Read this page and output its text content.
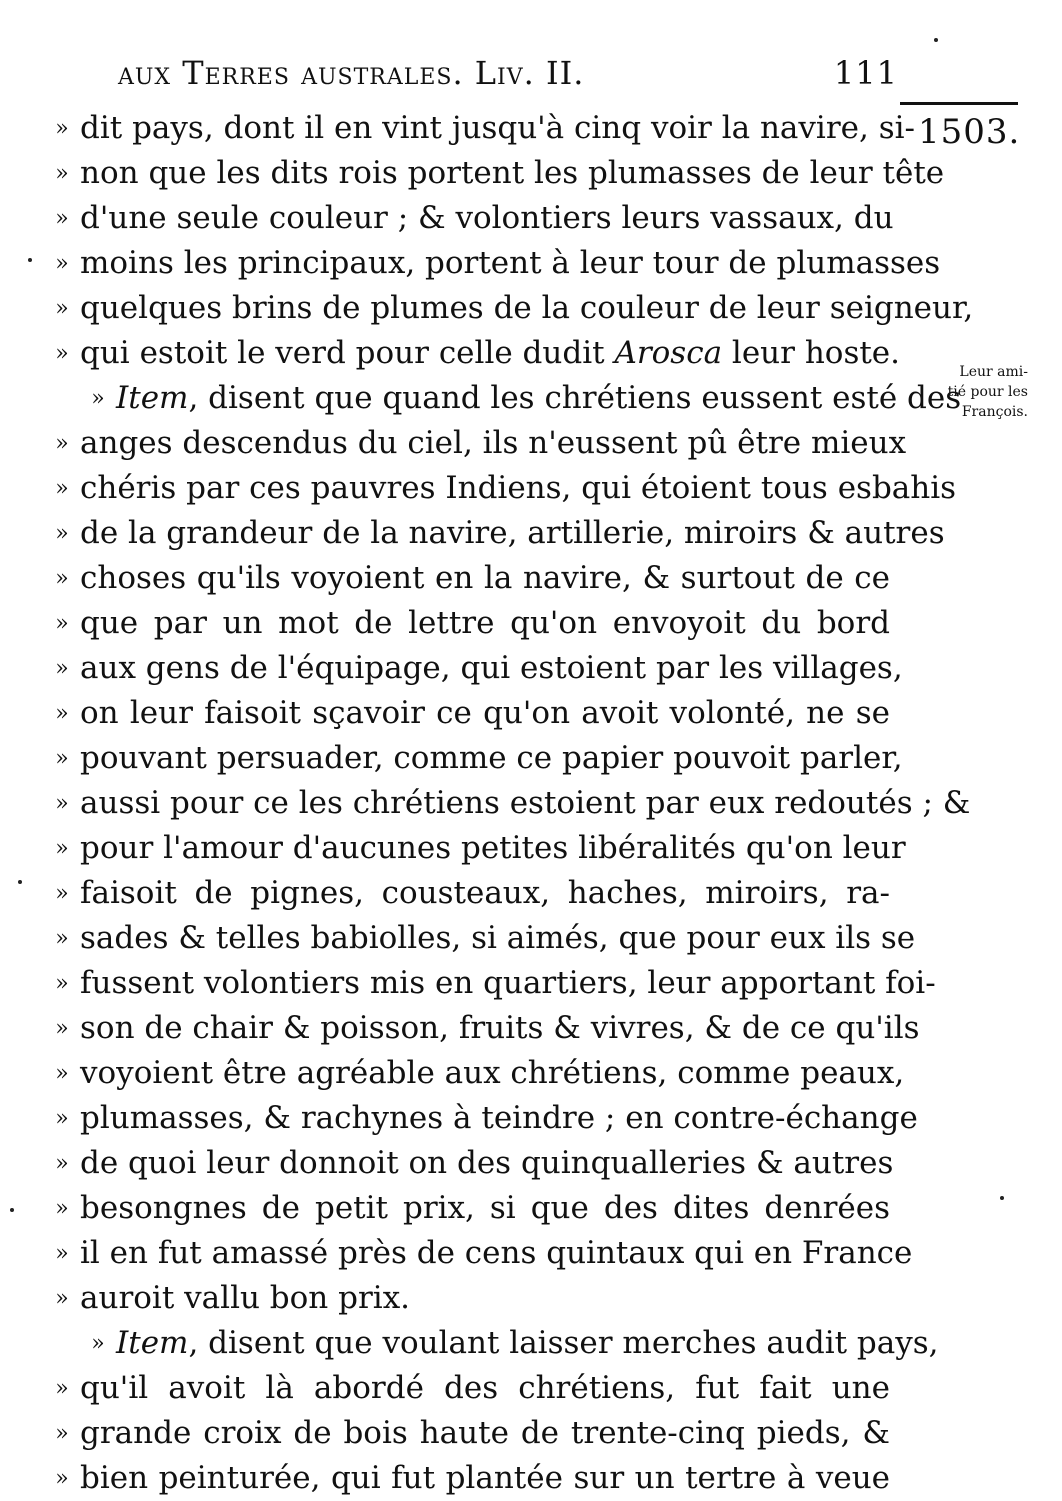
aux Terres australes. Liv. II.	111
1503.
Leur ami-
tié pour les
François.
» dit pays, dont il en vint jusqu'à cinq voir la navire, si-
» non que les dits rois portent les plumasses de leur tête
» d'une seule couleur ; & volontiers leurs vassaux, du
» moins les principaux, portent à leur tour de plumasses
» quelques brins de plumes de la couleur de leur seigneur,
» qui estoit le verd pour celle dudit Arosca leur hoste.
» Item, disent que quand les chrétiens eussent esté des
» anges descendus du ciel, ils n'eussent pû être mieux
» chéris par ces pauvres Indiens, qui étoient tous esbahis
» de la grandeur de la navire, artillerie, miroirs & autres
» choses qu'ils voyoient en la navire, & surtout de ce
» que par un mot de lettre qu'on envoyoit du bord
» aux gens de l'équipage, qui estoient par les villages,
» on leur faisoit sçavoir ce qu'on avoit volonté, ne se
» pouvant persuader, comme ce papier pouvoit parler,
» aussi pour ce les chrétiens estoient par eux redoutés ; &
» pour l'amour d'aucunes petites libéralités qu'on leur
» faisoit de pignes, cousteaux, haches, miroirs, ra-
» sades & telles babiolles, si aimés, que pour eux ils se
» fussent volontiers mis en quartiers, leur apportant foi-
» son de chair & poisson, fruits & vivres, & de ce qu'ils
» voyoient être agréable aux chrétiens, comme peaux,
» plumasses, & rachynes à teindre ; en contre-échange
» de quoi leur donnoit on des quinqualleries & autres
» besongnes de petit prix, si que des dites denrées
» il en fut amassé près de cens quintaux qui en France
» auroit vallu bon prix.
» Item, disent que voulant laisser merches audit pays,
» qu'il avoit là abordé des chrétiens, fut fait une
» grande croix de bois haute de trente-cinq pieds, &
» bien peinturée, qui fut plantée sur un tertre à veue
